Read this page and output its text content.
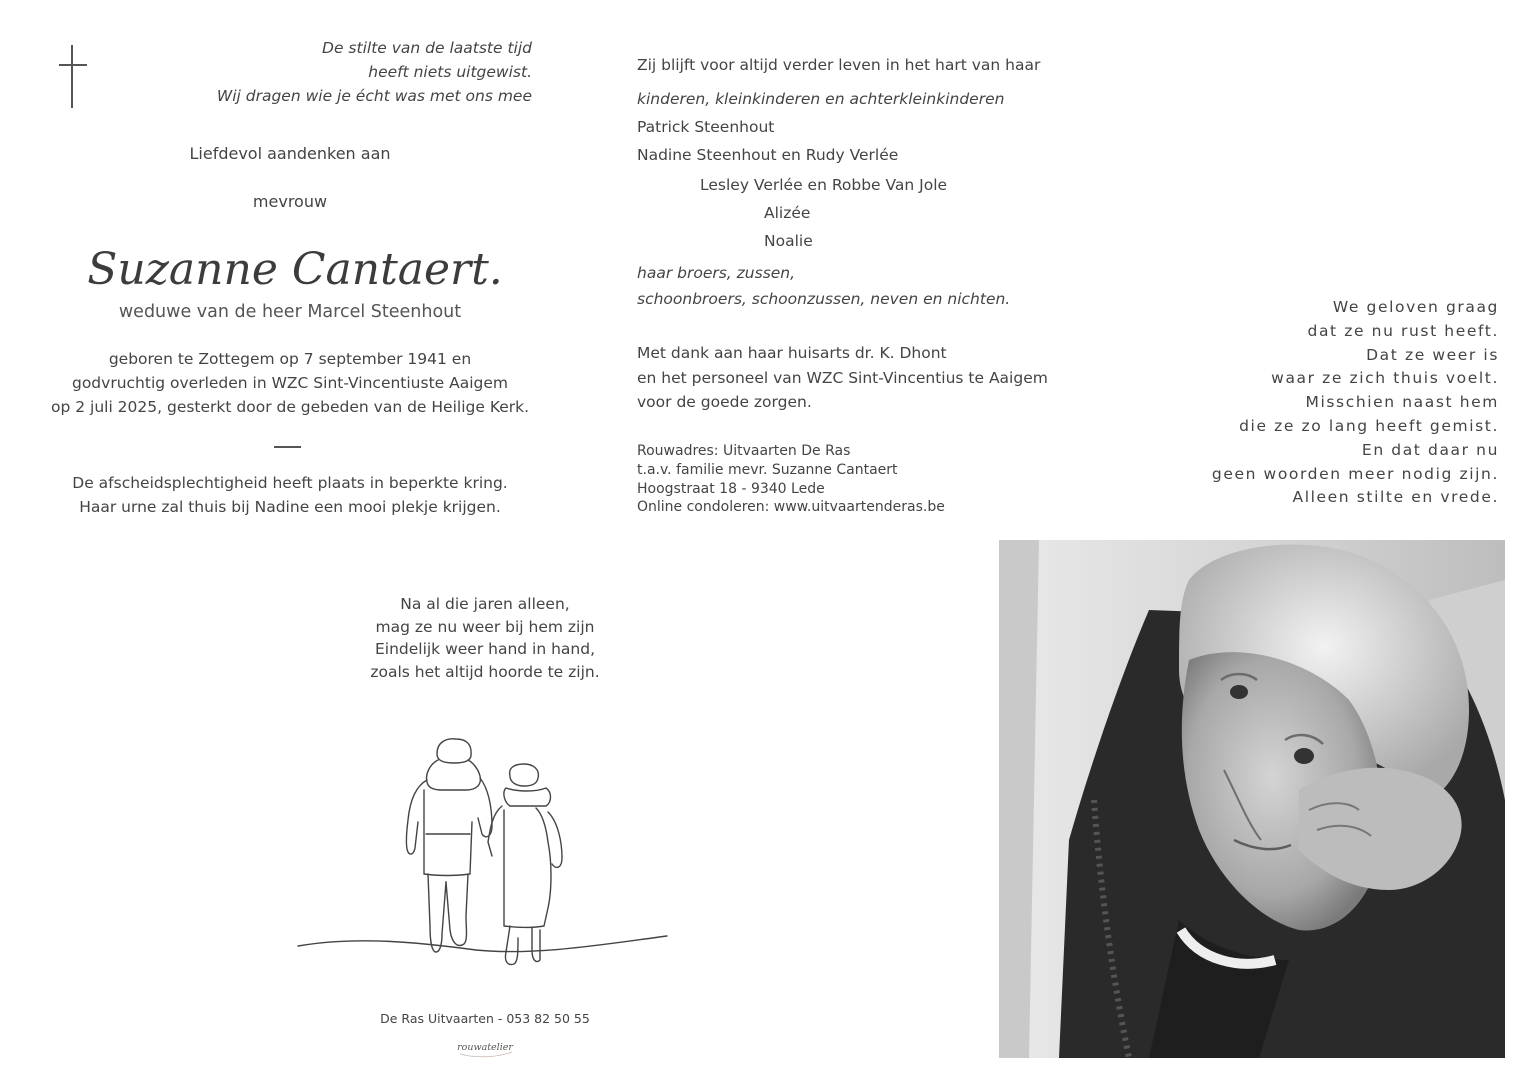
De stilte van de laatste tijd
heeft niets uitgewist.
Wij dragen wie je écht was met ons mee
Liefdevol aandenken aan
mevrouw
Suzanne Cantaert.
weduwe van de heer Marcel Steenhout
geboren te Zottegem op 7 september 1941 en
godvruchtig overleden in WZC Sint-Vincentiuste Aaigem
op 2 juli 2025, gesterkt door de gebeden van de Heilige Kerk.
De afscheidsplechtigheid heeft plaats in beperkte kring.
Haar urne zal thuis bij Nadine een mooi plekje krijgen.
Na al die jaren alleen,
mag ze nu weer bij hem zijn
Eindelijk weer hand in hand,
zoals het altijd hoorde te zijn.
De Ras Uitvaarten - 053 82 50 55
rouwatelier
Zij blijft voor altijd verder leven in het hart van haar
kinderen, kleinkinderen en achterkleinkinderen
Patrick Steenhout
Nadine Steenhout en Rudy Verlée
Lesley Verlée en Robbe Van Jole
Alizée
Noalie
haar broers, zussen,
schoonbroers, schoonzussen, neven en nichten.
Met dank aan haar huisarts dr. K. Dhont
en het personeel van WZC Sint-Vincentius te Aaigem
voor de goede zorgen.
Rouwadres: Uitvaarten De Ras
t.a.v. familie mevr. Suzanne Cantaert
Hoogstraat 18 - 9340 Lede
Online condoleren: www.uitvaartenderas.be
We geloven graag
dat ze nu rust heeft.
Dat ze weer is
waar ze zich thuis voelt.
Misschien naast hem
die ze zo lang heeft gemist.
En dat daar nu
geen woorden meer nodig zijn.
Alleen stilte en vrede.
